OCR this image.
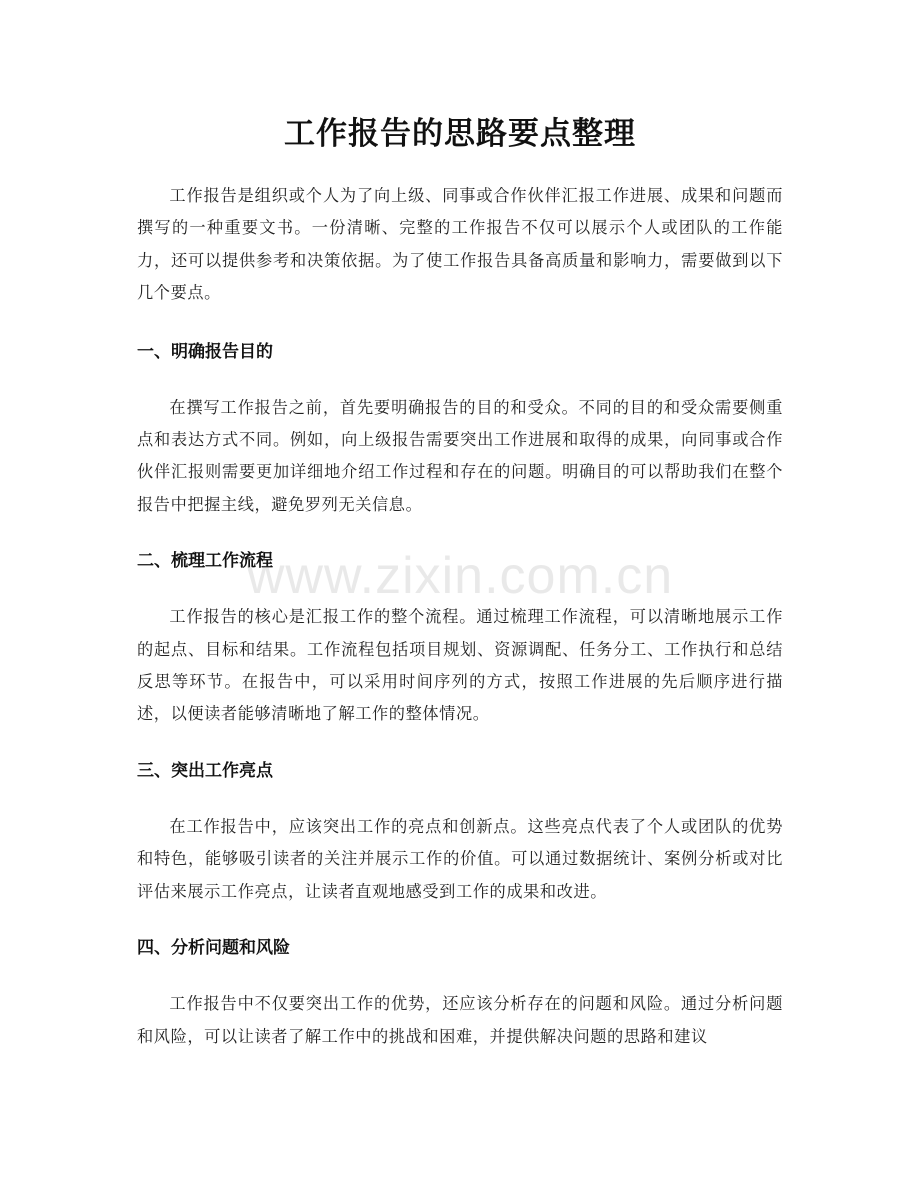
工作报告的思路要点整理

工作报告是组织或个人为了向上级、同事或合作伙伴汇报工作进展、成果和问题而撰写的一种重要文书。一份清晰、完整的工作报告不仅可以展示个人或团队的工作能力，还可以提供参考和决策依据。为了使工作报告具备高质量和影响力，需要做到以下几个要点。

一、明确报告目的

在撰写工作报告之前，首先要明确报告的目的和受众。不同的目的和受众需要侧重点和表达方式不同。例如，向上级报告需要突出工作进展和取得的成果，向同事或合作伙伴汇报则需要更加详细地介绍工作过程和存在的问题。明确目的可以帮助我们在整个报告中把握主线，避免罗列无关信息。

二、梳理工作流程

工作报告的核心是汇报工作的整个流程。通过梳理工作流程，可以清晰地展示工作的起点、目标和结果。工作流程包括项目规划、资源调配、任务分工、工作执行和总结反思等环节。在报告中，可以采用时间序列的方式，按照工作进展的先后顺序进行描述，以便读者能够清晰地了解工作的整体情况。

三、突出工作亮点

在工作报告中，应该突出工作的亮点和创新点。这些亮点代表了个人或团队的优势和特色，能够吸引读者的关注并展示工作的价值。可以通过数据统计、案例分析或对比评估来展示工作亮点，让读者直观地感受到工作的成果和改进。

四、分析问题和风险

工作报告中不仅要突出工作的优势，还应该分析存在的问题和风险。通过分析问题和风险，可以让读者了解工作中的挑战和困难，并提供解决问题的思路和建议

www.zixin.com.cn
